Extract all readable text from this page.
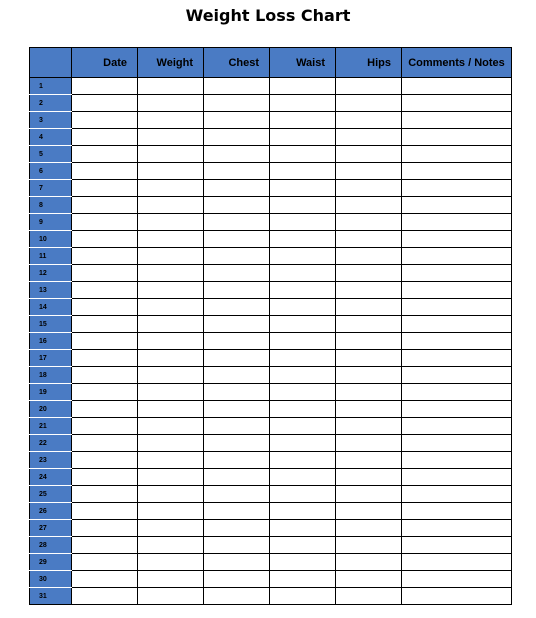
Weight Loss Chart
	Date	Weight	Chest	Waist	Hips	Comments / Notes
1						
2						
3						
4						
5						
6						
7						
8						
9						
10						
11						
12						
13						
14						
15						
16						
17						
18						
19						
20						
21						
22						
23						
24						
25						
26						
27						
28						
29						
30						
31						
